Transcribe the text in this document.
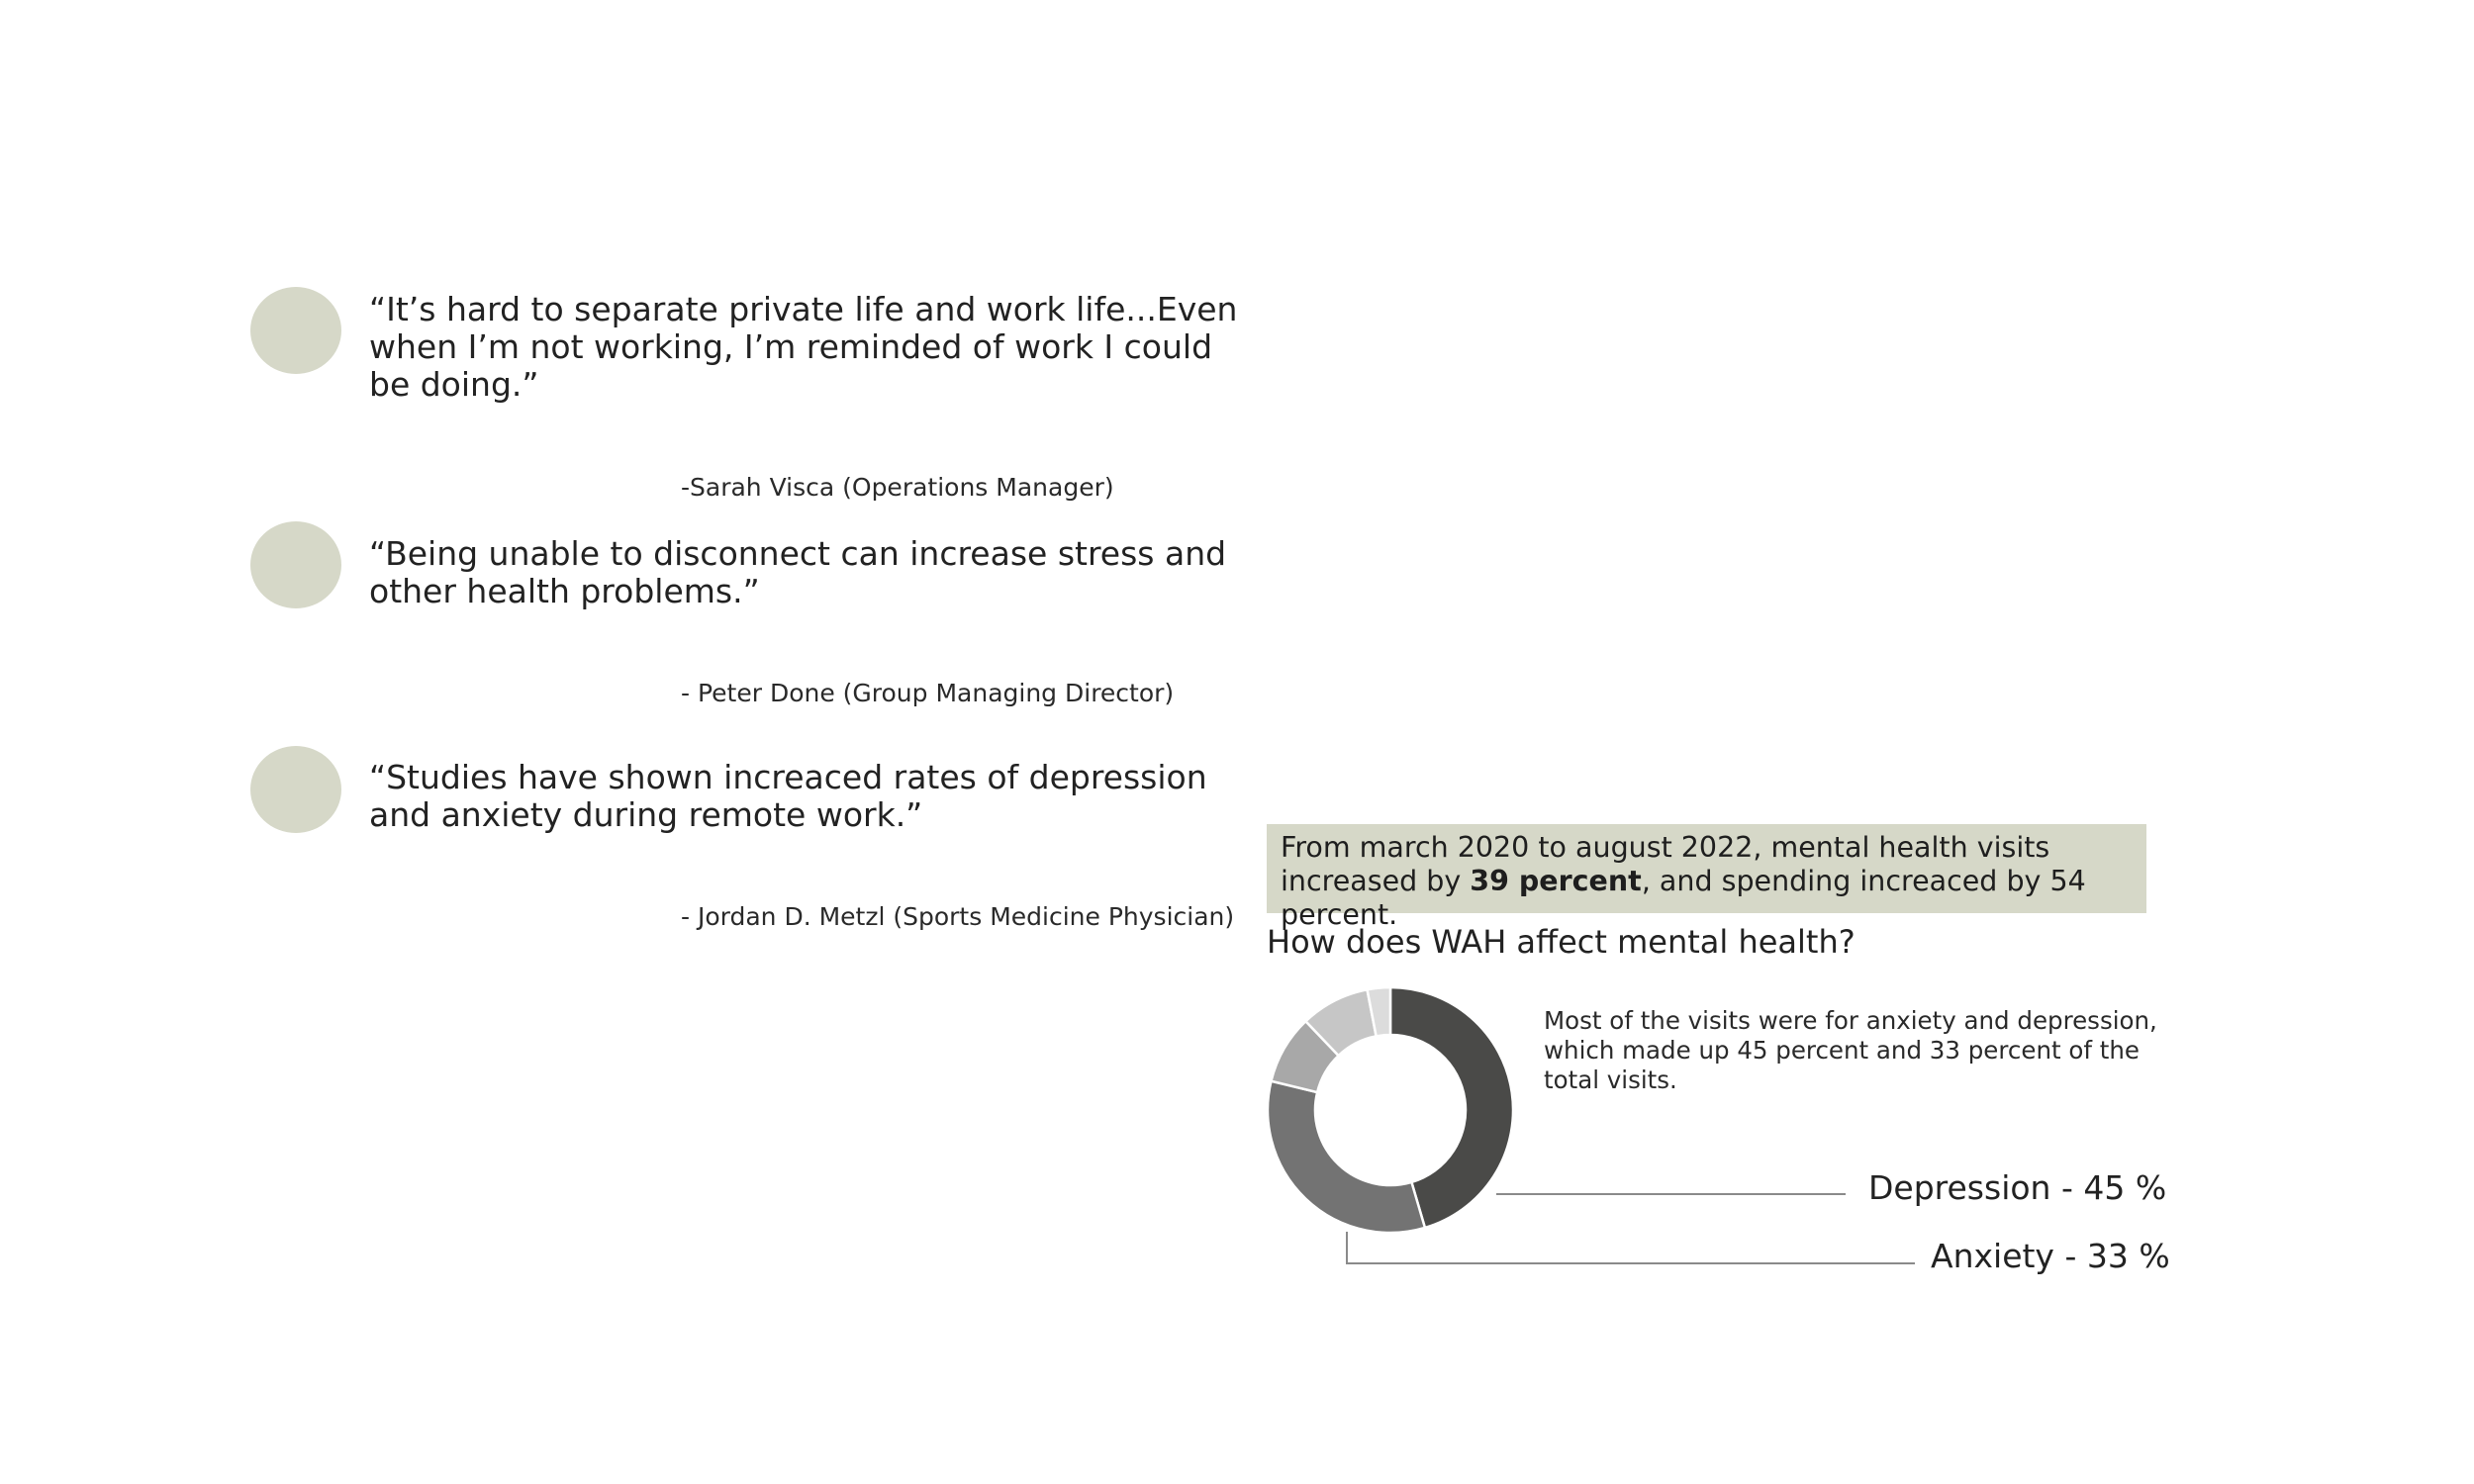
“It’s hard to separate private life and work life...Even when I’m not working, I’m reminded of work I could be doing.”
-Sarah Visca (Operations Manager)
“Being unable to disconnect can increase stress and other health problems.”
- Peter Done (Group Managing Director)
“Studies have shown increaced rates of depression and anxiety during remote work.”
- Jordan D. Metzl (Sports Medicine Physician)
From march 2020 to august 2022, mental health visits increased by 39 percent, and spending increaced by 54 percent.
How does WAH affect mental health?
Most of the visits were for anxiety and depression, which made up 45 percent and 33 percent of the total visits.
Depression - 45 %
Anxiety - 33 %
